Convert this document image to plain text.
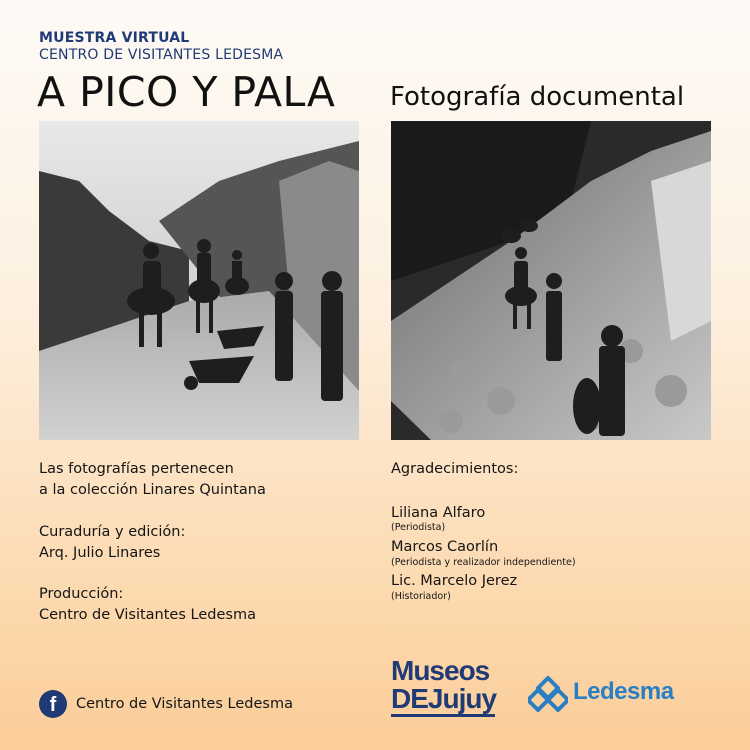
MUESTRA VIRTUAL
CENTRO DE VISITANTES LEDESMA
A PICO Y PALA Fotografía documental
Las fotografías pertenecen
a la colección Linares Quintana
Curaduría y edición:
Arq. Julio Linares
Producción:
Centro de Visitantes Ledesma
Agradecimientos:
Liliana Alfaro
(Periodista)
Marcos Caorlín
(Periodista y realizador independiente)
Lic. Marcelo Jerez
(Historiador)
f	Centro de Visitantes Ledesma
Museos
DEJujuy	Ledesma
